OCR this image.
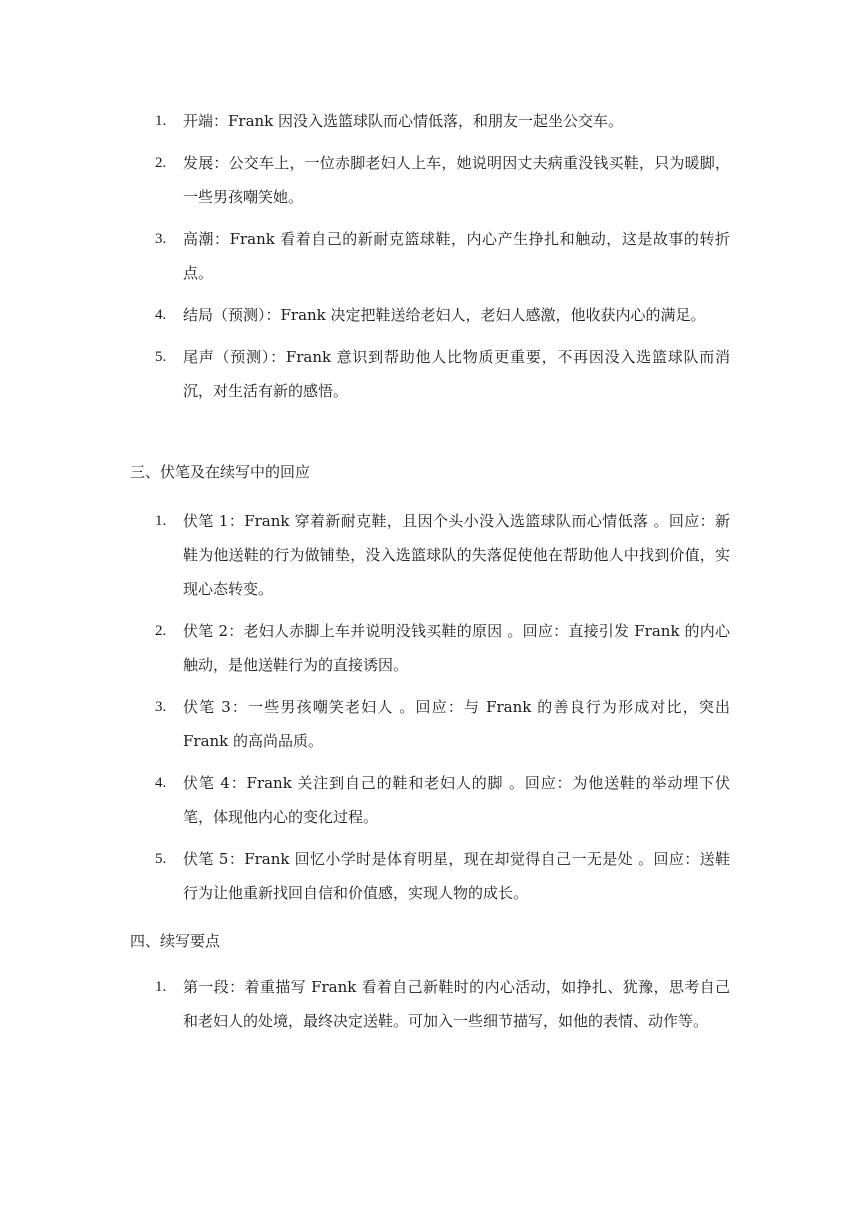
1. 开端：Frank 因没入选篮球队而心情低落，和朋友一起坐公交车。
2. 发展：公交车上，一位赤脚老妇人上车，她说明因丈夫病重没钱买鞋，只为暖脚，一些男孩嘲笑她。
3. 高潮：Frank 看着自己的新耐克篮球鞋，内心产生挣扎和触动，这是故事的转折点。
4. 结局（预测）：Frank 决定把鞋送给老妇人，老妇人感激，他收获内心的满足。
5. 尾声（预测）：Frank 意识到帮助他人比物质更重要，不再因没入选篮球队而消沉，对生活有新的感悟。
三、伏笔及在续写中的回应
1. 伏笔 1：Frank 穿着新耐克鞋，且因个头小没入选篮球队而心情低落 。回应：新鞋为他送鞋的行为做铺垫，没入选篮球队的失落促使他在帮助他人中找到价值，实现心态转变。
2. 伏笔 2：老妇人赤脚上车并说明没钱买鞋的原因 。回应：直接引发 Frank 的内心触动，是他送鞋行为的直接诱因。
3. 伏笔 3：一些男孩嘲笑老妇人 。回应：与 Frank 的善良行为形成对比，突出 Frank 的高尚品质。
4. 伏笔 4：Frank 关注到自己的鞋和老妇人的脚 。回应：为他送鞋的举动埋下伏笔，体现他内心的变化过程。
5. 伏笔 5：Frank 回忆小学时是体育明星，现在却觉得自己一无是处 。回应：送鞋行为让他重新找回自信和价值感，实现人物的成长。
四、续写要点
1. 第一段：着重描写 Frank 看着自己新鞋时的内心活动，如挣扎、犹豫，思考自己和老妇人的处境，最终决定送鞋。可加入一些细节描写，如他的表情、动作等。
